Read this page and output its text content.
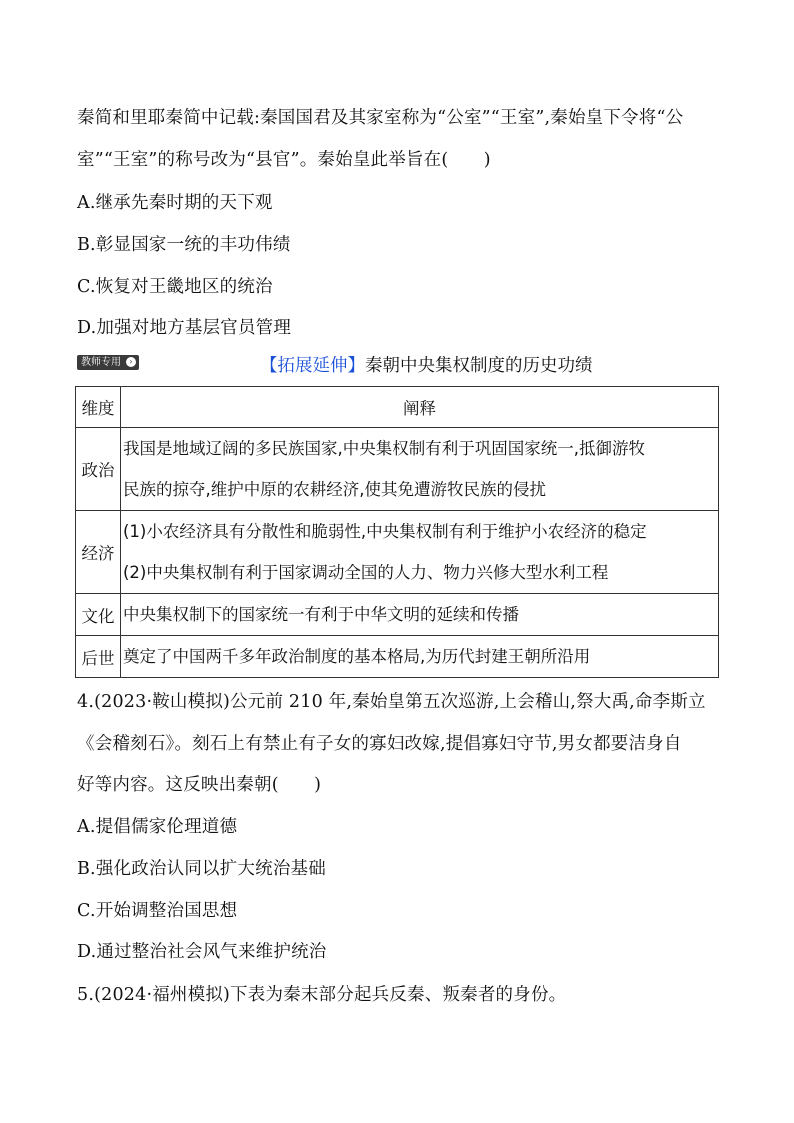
秦简和里耶秦简中记载:秦国国君及其家室称为“公室”“王室”,秦始皇下令将“公
室”“王室”的称号改为“县官”。秦始皇此举旨在(　　)
A.继承先秦时期的天下观
B.彰显国家一统的丰功伟绩
C.恢复对王畿地区的统治
D.加强对地方基层官员管理
教师专用	›	【拓展延伸】秦朝中央集权制度的历史功绩
维度	阐释
政治	我国是地域辽阔的多民族国家,中央集权制有利于巩固国家统一,抵御游牧
民族的掠夺,维护中原的农耕经济,使其免遭游牧民族的侵扰

经济	(1)小农经济具有分散性和脆弱性,中央集权制有利于维护小农经济的稳定
(2)中央集权制有利于国家调动全国的人力、物力兴修大型水利工程

文化	中央集权制下的国家统一有利于中华文明的延续和传播

后世	奠定了中国两千多年政治制度的基本格局,为历代封建王朝所沿用
4.(2023·鞍山模拟)公元前 210 年,秦始皇第五次巡游,上会稽山,祭大禹,命李斯立
《会稽刻石》。刻石上有禁止有子女的寡妇改嫁,提倡寡妇守节,男女都要洁身自
好等内容。这反映出秦朝(　　)
A.提倡儒家伦理道德
B.强化政治认同以扩大统治基础
C.开始调整治国思想
D.通过整治社会风气来维护统治
5.(2024·福州模拟)下表为秦末部分起兵反秦、叛秦者的身份。
